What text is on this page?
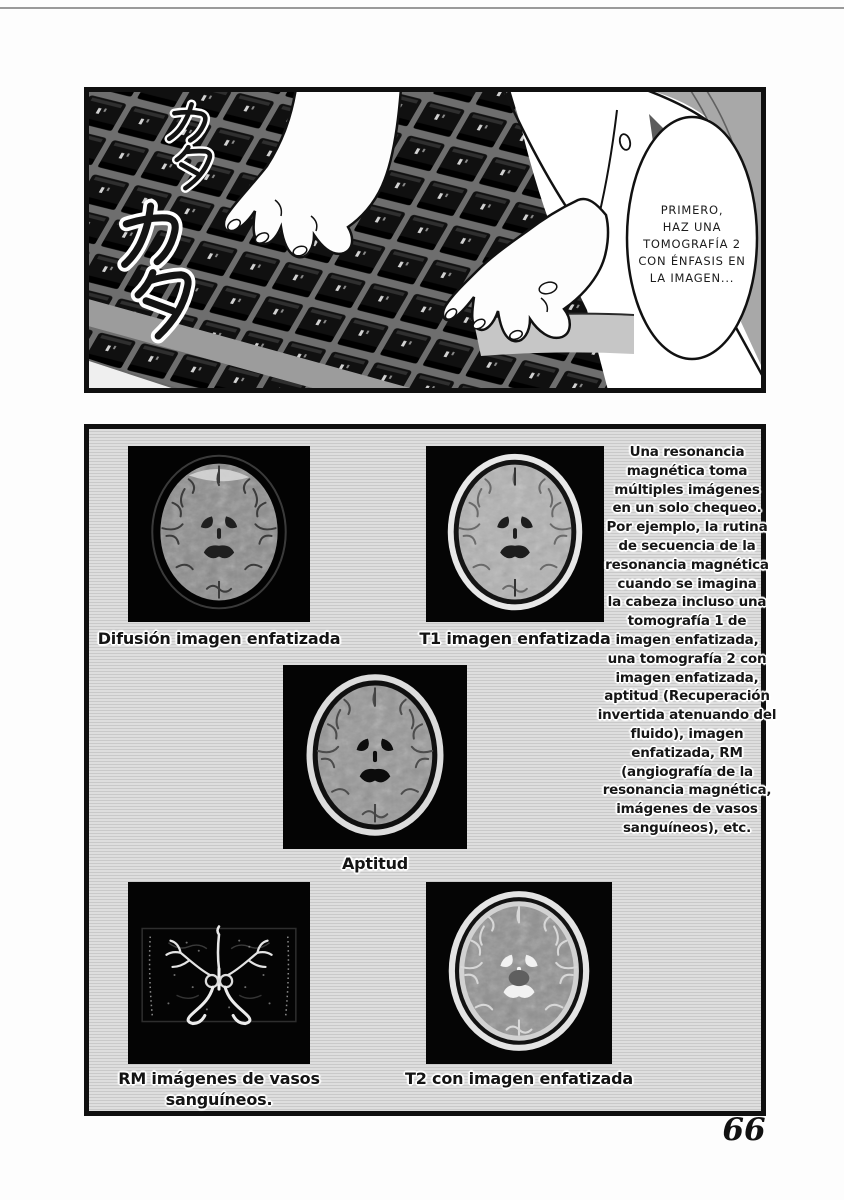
PRIMERO,
HAZ UNA
TOMOGRAFÍA 2
CON ÉNFASIS EN
LA IMAGEN...
Difusión imagen enfatizada	T1 imagen enfatizada
Aptitud
RM imágenes de vasos sanguíneos.
T2 con imagen enfatizada
Una resonancia
magnética toma
múltiples imágenes
en un solo chequeo.
Por ejemplo, la rutina
de secuencia de la
resonancia magnética
cuando se imagina
la cabeza incluso una
tomografía 1 de
imagen enfatizada,
una tomografía 2 con
imagen enfatizada,
aptitud (Recuperación
invertida atenuando del
fluido), imagen
enfatizada, RM
(angiografía de la
resonancia magnética,
imágenes de vasos
sanguíneos), etc.
66
